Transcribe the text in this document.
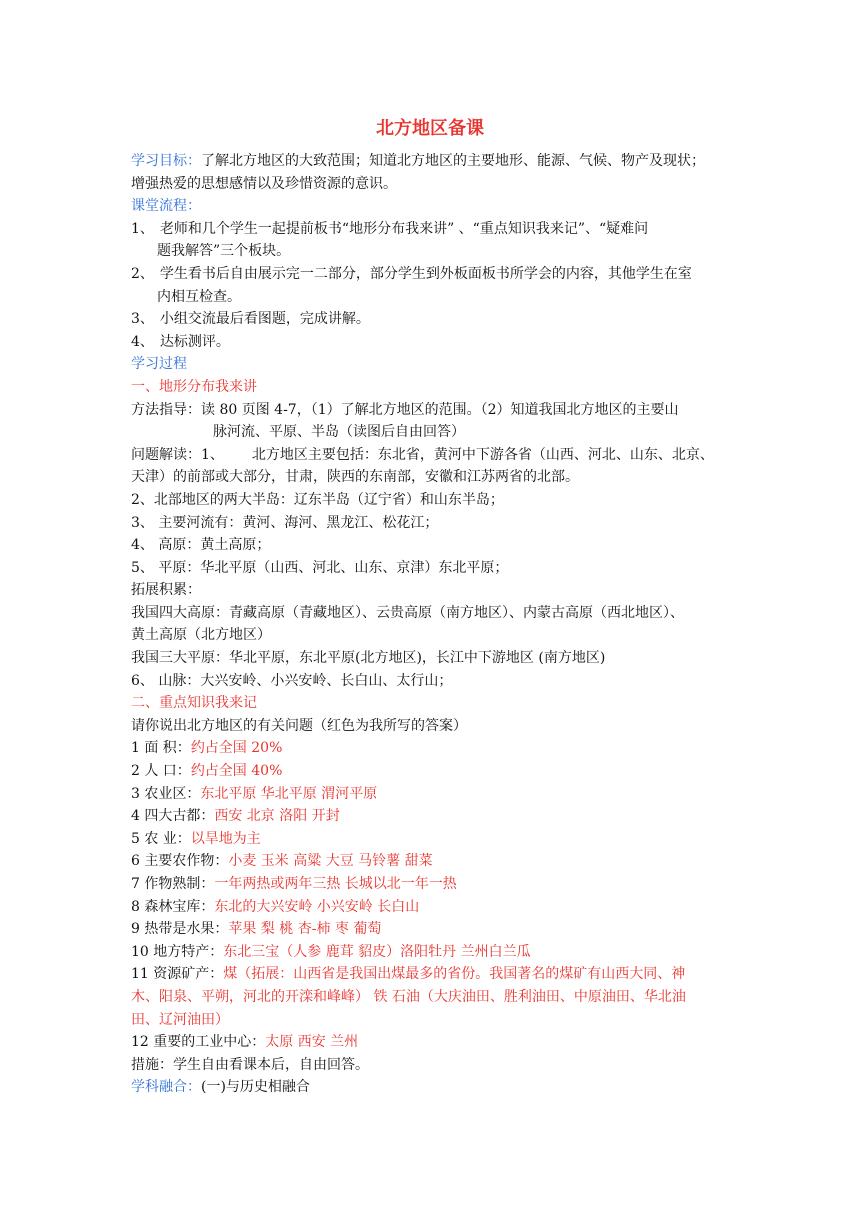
北方地区备课
学习目标：了解北方地区的大致范围；知道北方地区的主要地形、能源、气候、物产及现状；
增强热爱的思想感情以及珍惜资源的意识。
课堂流程：
1、 老师和几个学生一起提前板书“地形分布我来讲” 、“重点知识我来记”、“疑难问
题我解答”三个板块。
2、 学生看书后自由展示完一二部分，部分学生到外板面板书所学会的内容，其他学生在室
内相互检查。
3、 小组交流最后看图题，完成讲解。
4、 达标测评。
学习过程
一、地形分布我来讲
方法指导：读 80 页图 4-7，（1）了解北方地区的范围。（2）知道我国北方地区的主要山
脉河流、平原、半岛（读图后自由回答）
问题解读：1、 北方地区主要包括：东北省，黄河中下游各省（山西、河北、山东、北京、
天津）的前部或大部分，甘肃，陕西的东南部，安徽和江苏两省的北部。
2、北部地区的两大半岛：辽东半岛（辽宁省）和山东半岛；
3、 主要河流有：黄河、海河、黑龙江、松花江；
4、 高原：黄土高原；
5、 平原：华北平原（山西、河北、山东、京津）东北平原；
拓展积累：
我国四大高原：青藏高原（青藏地区）、云贵高原（南方地区）、内蒙古高原（西北地区）、
黄土高原（北方地区）
我国三大平原：华北平原，东北平原(北方地区)，长江中下游地区 (南方地区)
6、 山脉：大兴安岭、小兴安岭、长白山、太行山；
二、重点知识我来记
请你说出北方地区的有关问题（红色为我所写的答案）
1 面 积：约占全国 20%
2 人 口：约占全国 40%
3 农业区：东北平原 华北平原 渭河平原
4 四大古都：西安 北京 洛阳 开封
5 农 业：以旱地为主
6 主要农作物：小麦 玉米 高粱 大豆 马铃薯 甜菜
7 作物熟制：一年两热或两年三热 长城以北一年一热
8 森林宝库：东北的大兴安岭 小兴安岭 长白山
9 热带是水果：苹果 梨 桃 杏-柿 枣 葡萄
10 地方特产：东北三宝（人参 鹿茸 貂皮）洛阳牡丹 兰州白兰瓜
11 资源矿产：煤（拓展：山西省是我国出煤最多的省份。我国著名的煤矿有山西大同、神
木、阳泉、平朔，河北的开滦和峰峰） 铁 石油（大庆油田、胜利油田、中原油田、华北油
田、辽河油田）
12 重要的工业中心：太原 西安 兰州
措施：学生自由看课本后，自由回答。
学科融合：(一)与历史相融合
